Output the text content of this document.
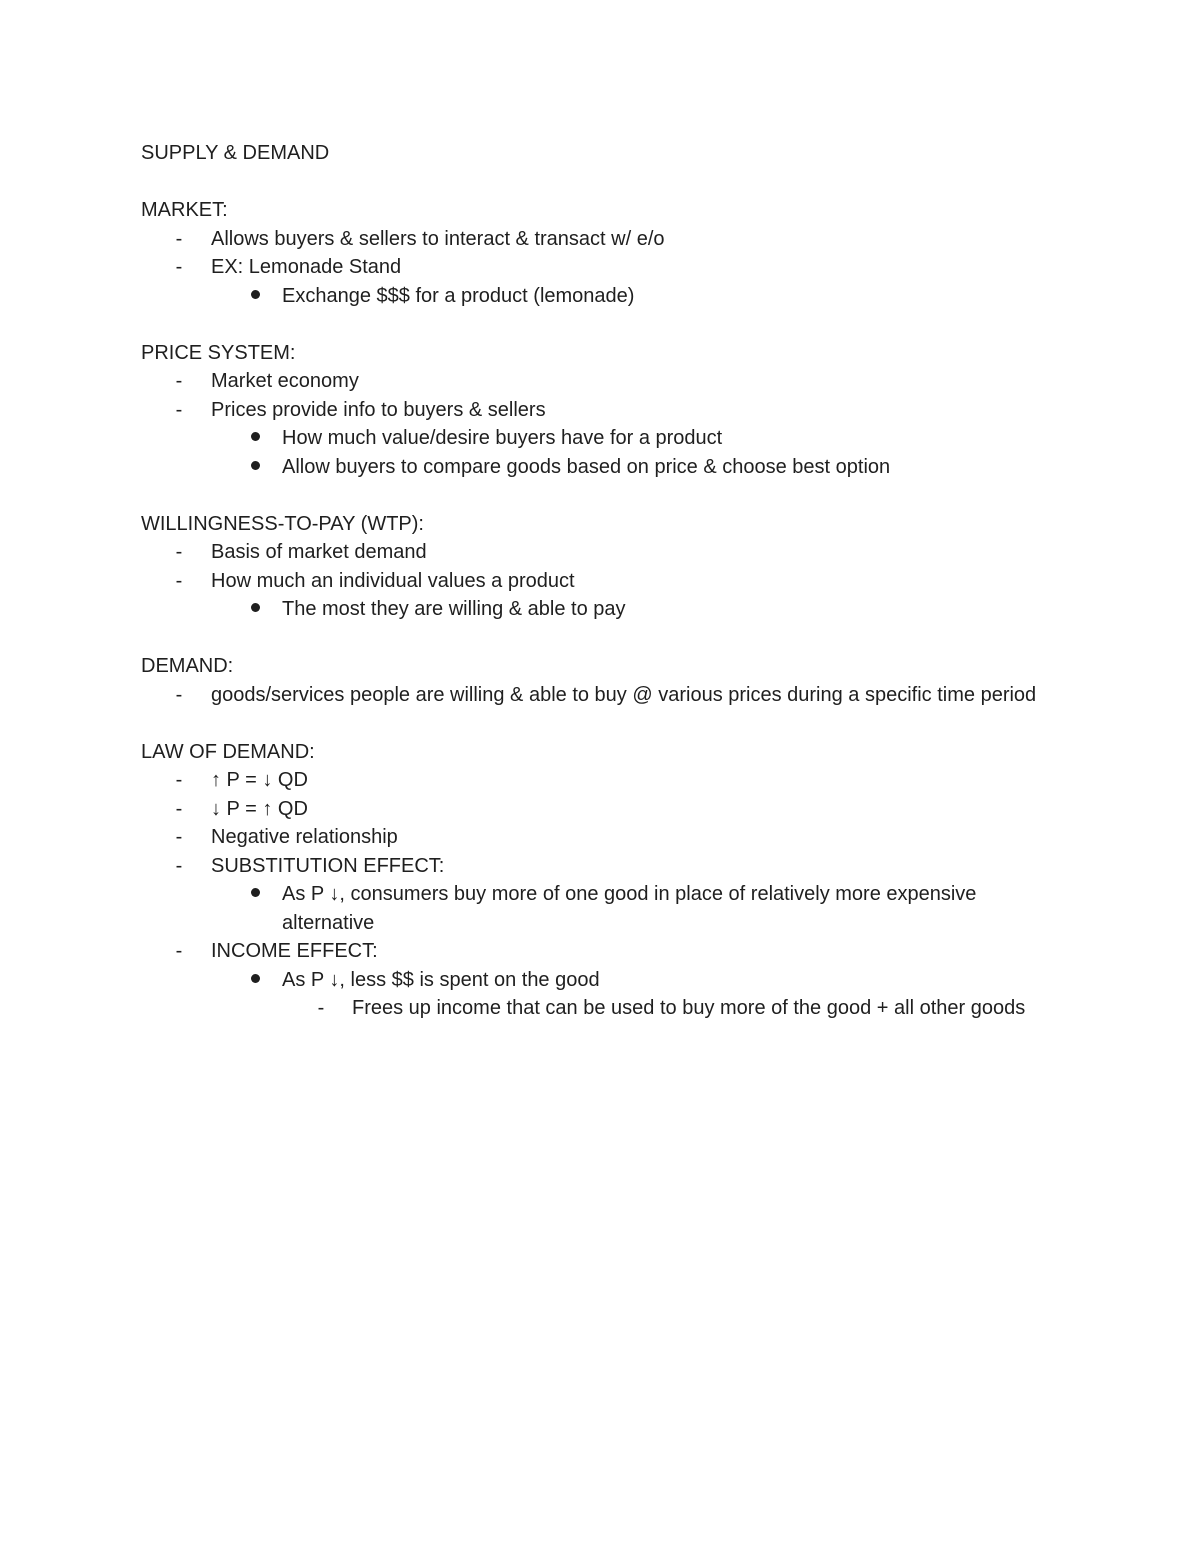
SUPPLY & DEMAND
MARKET:
-	Allows buyers & sellers to interact & transact w/ e/o
-	EX: Lemonade Stand
Exchange $$$ for a product (lemonade)
PRICE SYSTEM:
-	Market economy
-	Prices provide info to buyers & sellers
How much value/desire buyers have for a product
Allow buyers to compare goods based on price & choose best option
WILLINGNESS-TO-PAY (WTP):
-	Basis of market demand
-	How much an individual values a product
The most they are willing & able to pay
DEMAND:
-	goods/services people are willing & able to buy @ various prices during a specific time period
LAW OF DEMAND:
-	↑ P = ↓ QD
-	↓ P = ↑ QD
-	Negative relationship
-	SUBSTITUTION EFFECT:
As P ↓, consumers buy more of one good in place of relatively more expensive alternative
-	INCOME EFFECT:
As P ↓, less $$ is spent on the good
-	Frees up income that can be used to buy more of the good + all other goods
